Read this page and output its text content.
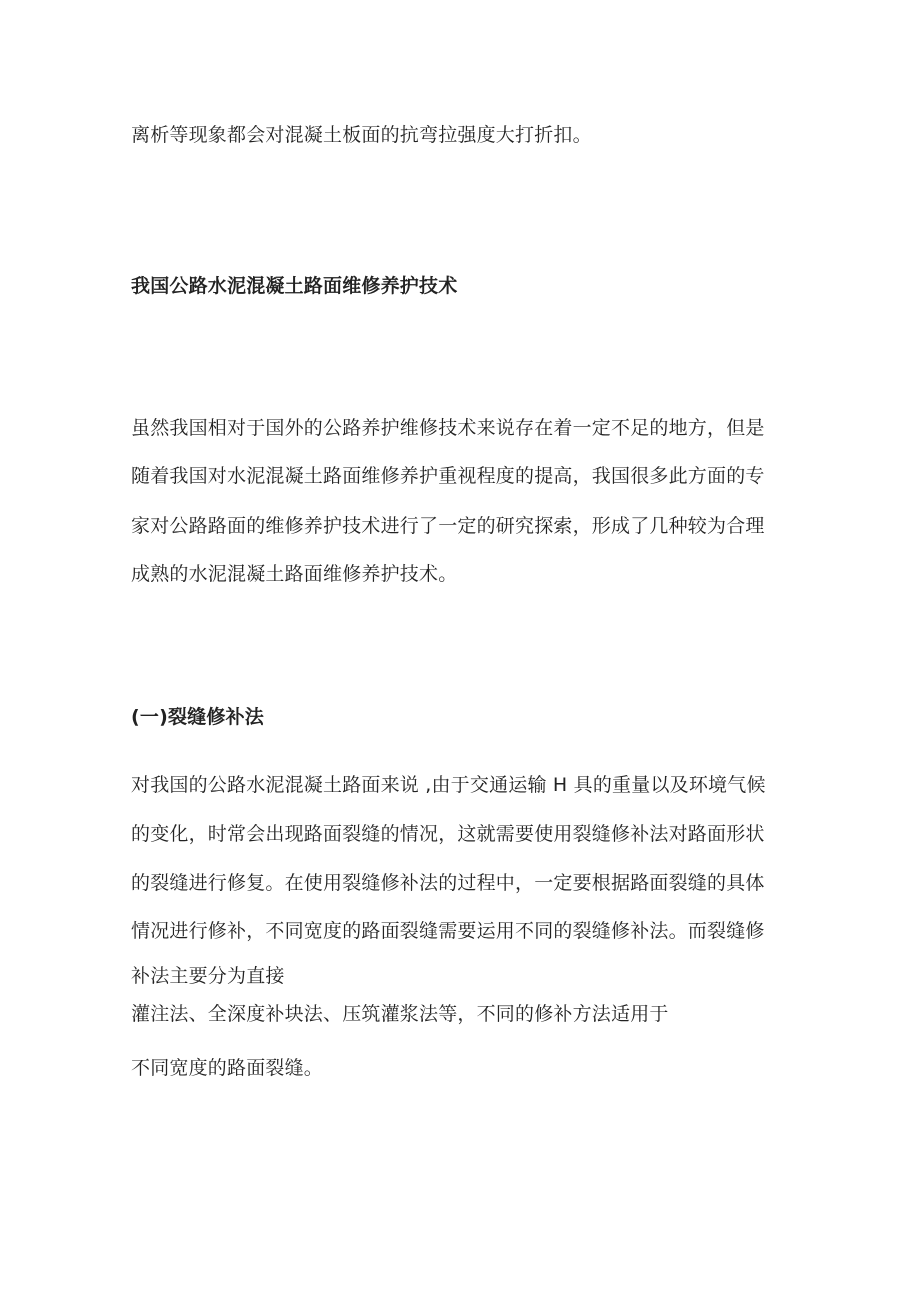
离析等现象都会对混凝土板面的抗弯拉强度大打折扣。
我国公路水泥混凝土路面维修养护技术
虽然我国相对于国外的公路养护维修技术来说存在着一定不足的地方，但是
随着我国对水泥混凝土路面维修养护重视程度的提高，我国很多此方面的专
家对公路路面的维修养护技术进行了一定的研究探索，形成了几种较为合理
成熟的水泥混凝土路面维修养护技术。
(一)裂缝修补法
对我国的公路水泥混凝土路面来说 ,由于交通运输 H 具的重量以及环境气候
的变化，时常会出现路面裂缝的情况，这就需要使用裂缝修补法对路面形状
的裂缝进行修复。在使用裂缝修补法的过程中，一定要根据路面裂缝的具体
情况进行修补，不同宽度的路面裂缝需要运用不同的裂缝修补法。而裂缝修
补法主要分为直接
灌注法、全深度补块法、压筑灌浆法等，不同的修补方法适用于
不同宽度的路面裂缝。
